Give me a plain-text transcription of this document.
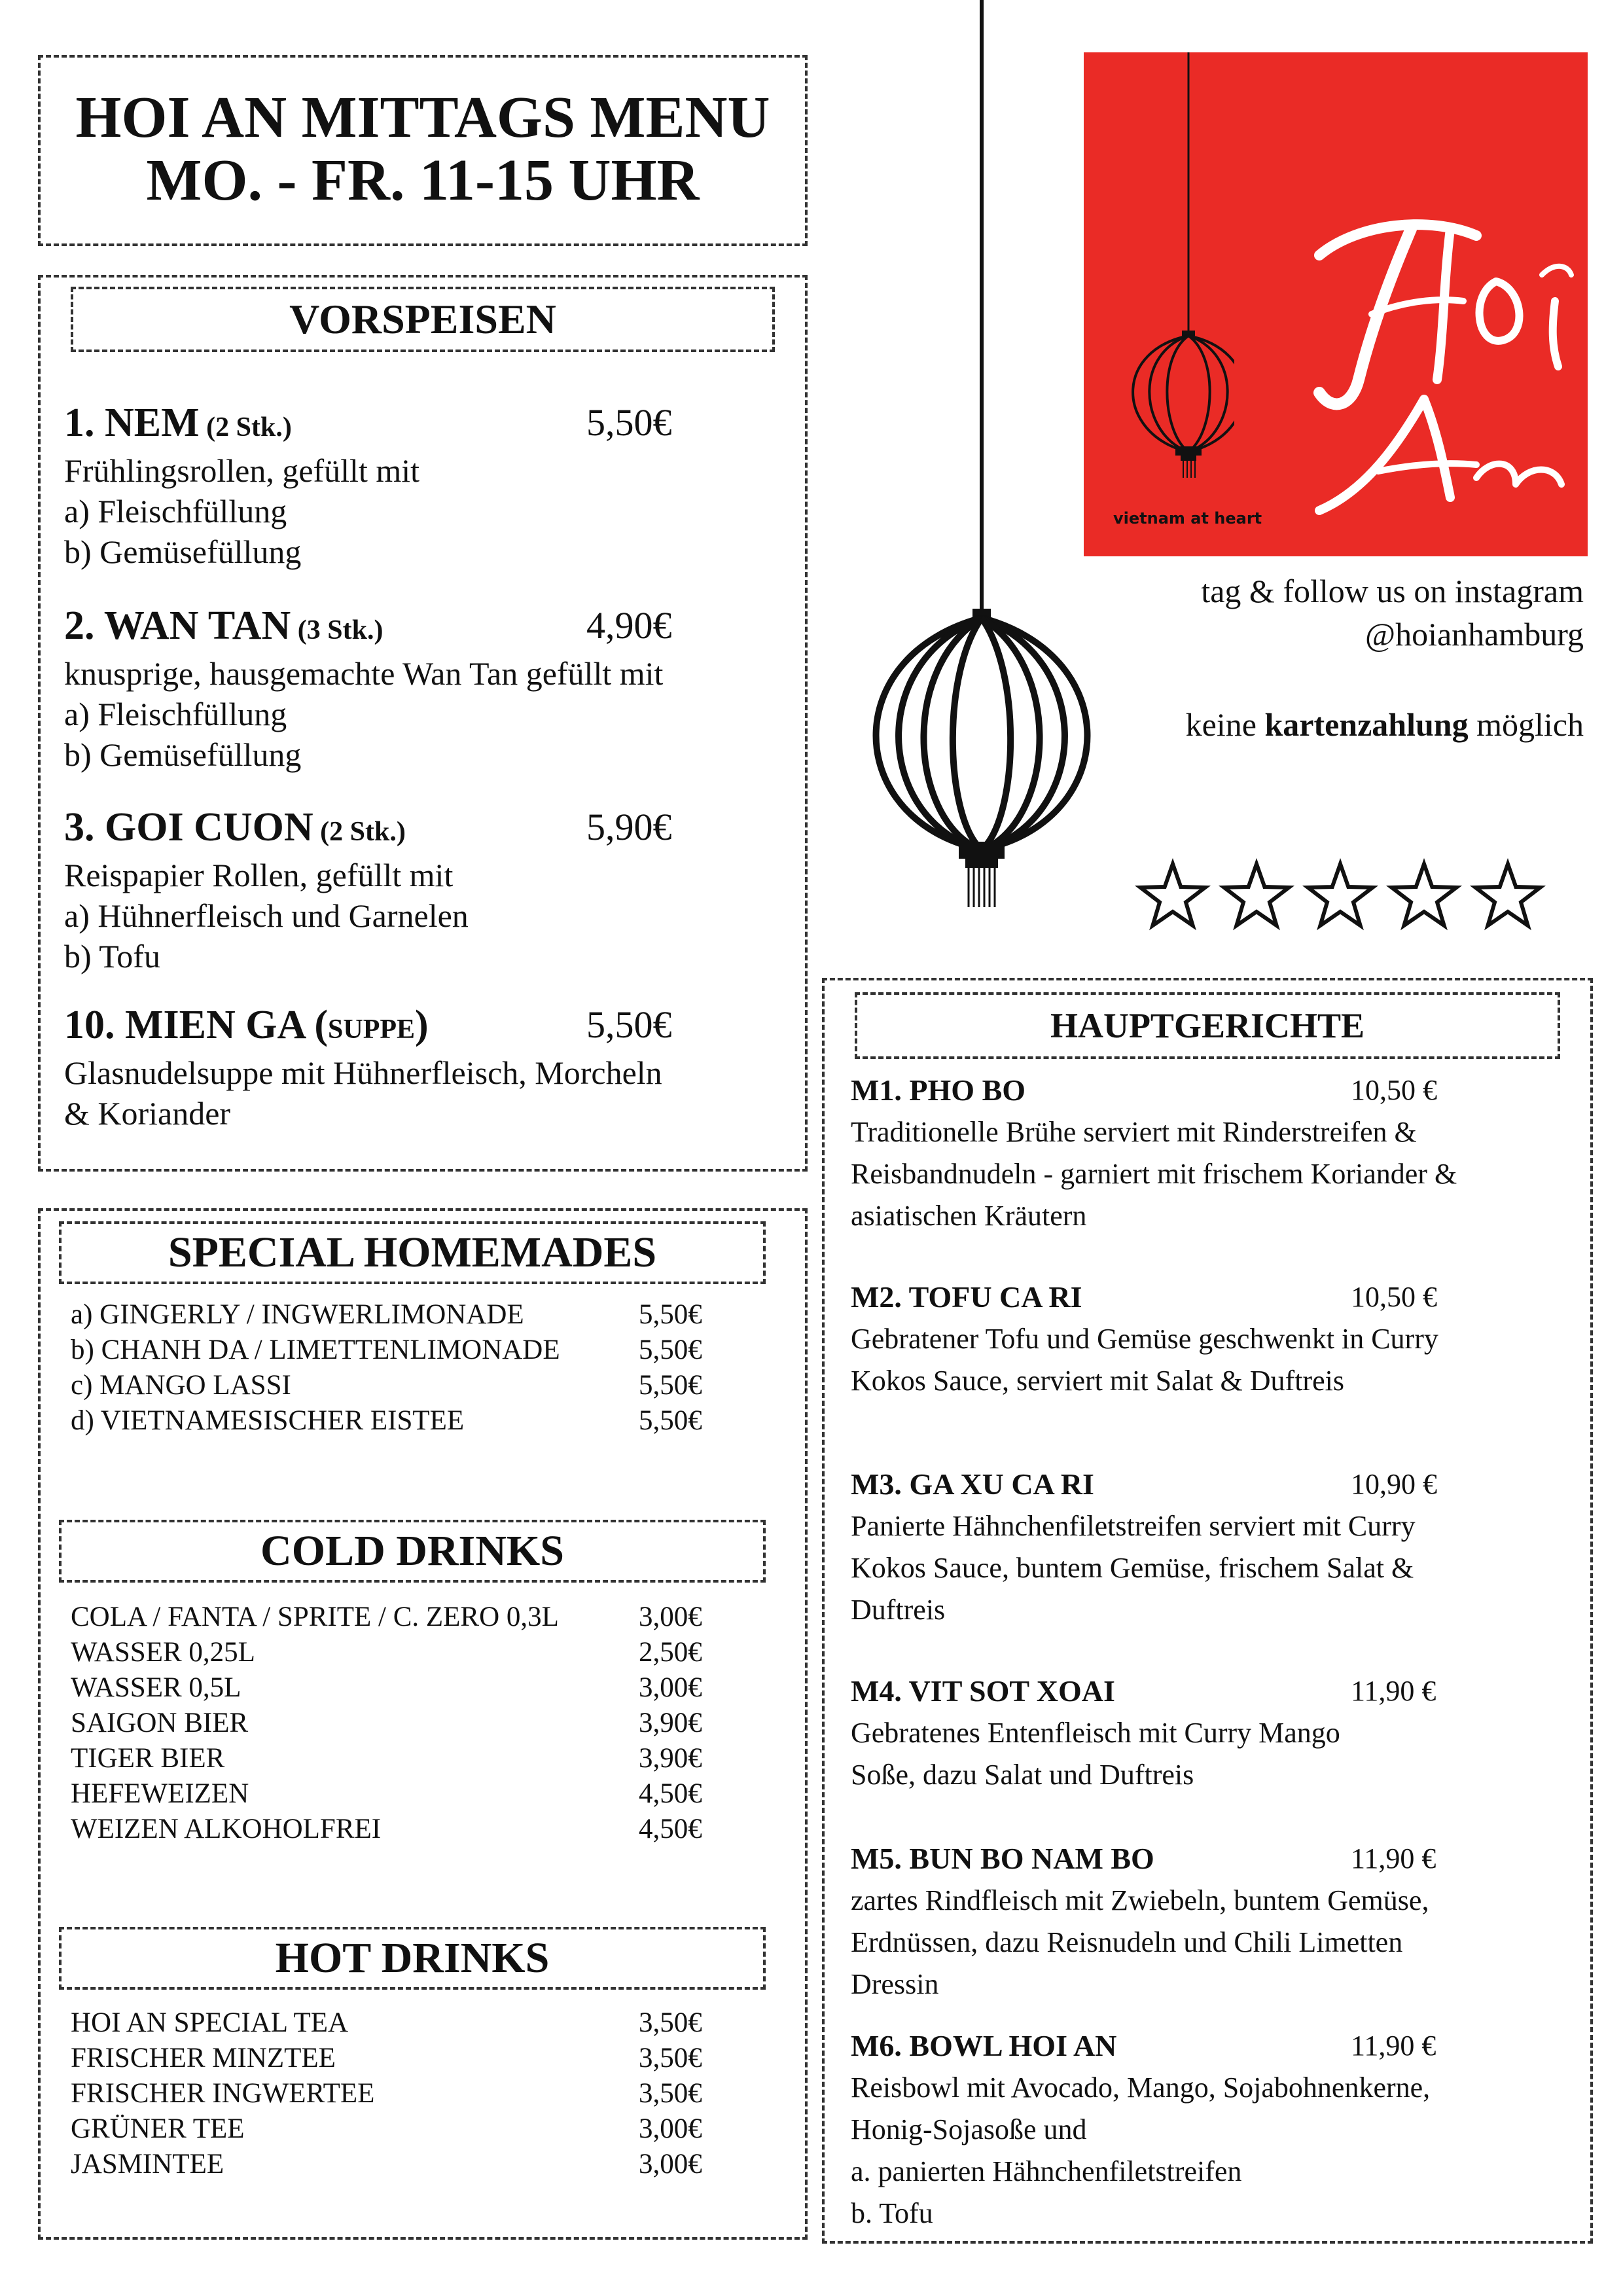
HOI AN MITTAGS MENU
MO. - FR. 11-15 UHR
VORSPEISEN
1. NEM (2 Stk.)	5,50€
Frühlingsrollen, gefüllt mit
a) Fleischfüllung
b) Gemüsefüllung
2. WAN TAN (3 Stk.)	4,90€
knusprige, hausgemachte Wan Tan gefüllt mit
a) Fleischfüllung
b) Gemüsefüllung
3. GOI CUON (2 Stk.)	5,90€
Reispapier Rollen, gefüllt mit
a) Hühnerfleisch und Garnelen
b) Tofu
10. MIEN GA (SUPPE)	5,50€
Glasnudelsuppe mit Hühnerfleisch, Morcheln
& Koriander
SPECIAL HOMEMADES
a) GINGERLY / INGWERLIMONADE	5,50€
b) CHANH DA / LIMETTENLIMONADE	5,50€
c) MANGO LASSI	5,50€
d) VIETNAMESISCHER EISTEE	5,50€
COLD DRINKS
COLA / FANTA / SPRITE / C. ZERO 0,3L	3,00€
WASSER 0,25L	2,50€
WASSER 0,5L	3,00€
SAIGON BIER	3,90€
TIGER BIER	3,90€
HEFEWEIZEN	4,50€
WEIZEN ALKOHOLFREI	4,50€
HOT DRINKS
HOI AN SPECIAL TEA	3,50€
FRISCHER MINZTEE	3,50€
FRISCHER INGWERTEE	3,50€
GRÜNER TEE	3,00€
JASMINTEE	3,00€
vietnam at heart
tag & follow us on instagram
@hoianhamburg
keine kartenzahlung möglich
HAUPTGERICHTE
M1. PHO BO	10,50 €
Traditionelle Brühe serviert mit Rinderstreifen &
Reisbandnudeln - garniert mit frischem Koriander &
asiatischen Kräutern
M2. TOFU CA RI	10,50 €
Gebratener Tofu und Gemüse geschwenkt in Curry
Kokos Sauce, serviert mit Salat & Duftreis
M3. GA XU CA RI	10,90 €
Panierte Hähnchenfiletstreifen serviert mit Curry
Kokos Sauce, buntem Gemüse, frischem Salat &
Duftreis
M4. VIT SOT XOAI	11,90 €
Gebratenes Entenfleisch mit Curry Mango
Soße, dazu Salat und Duftreis
M5. BUN BO NAM BO	11,90 €
zartes Rindfleisch mit Zwiebeln, buntem Gemüse,
Erdnüssen, dazu Reisnudeln und Chili Limetten
Dressin
M6. BOWL HOI AN	11,90 €
Reisbowl mit Avocado, Mango, Sojabohnenkerne,
Honig-Sojasoße und
a. panierten Hähnchenfiletstreifen
b. Tofu
